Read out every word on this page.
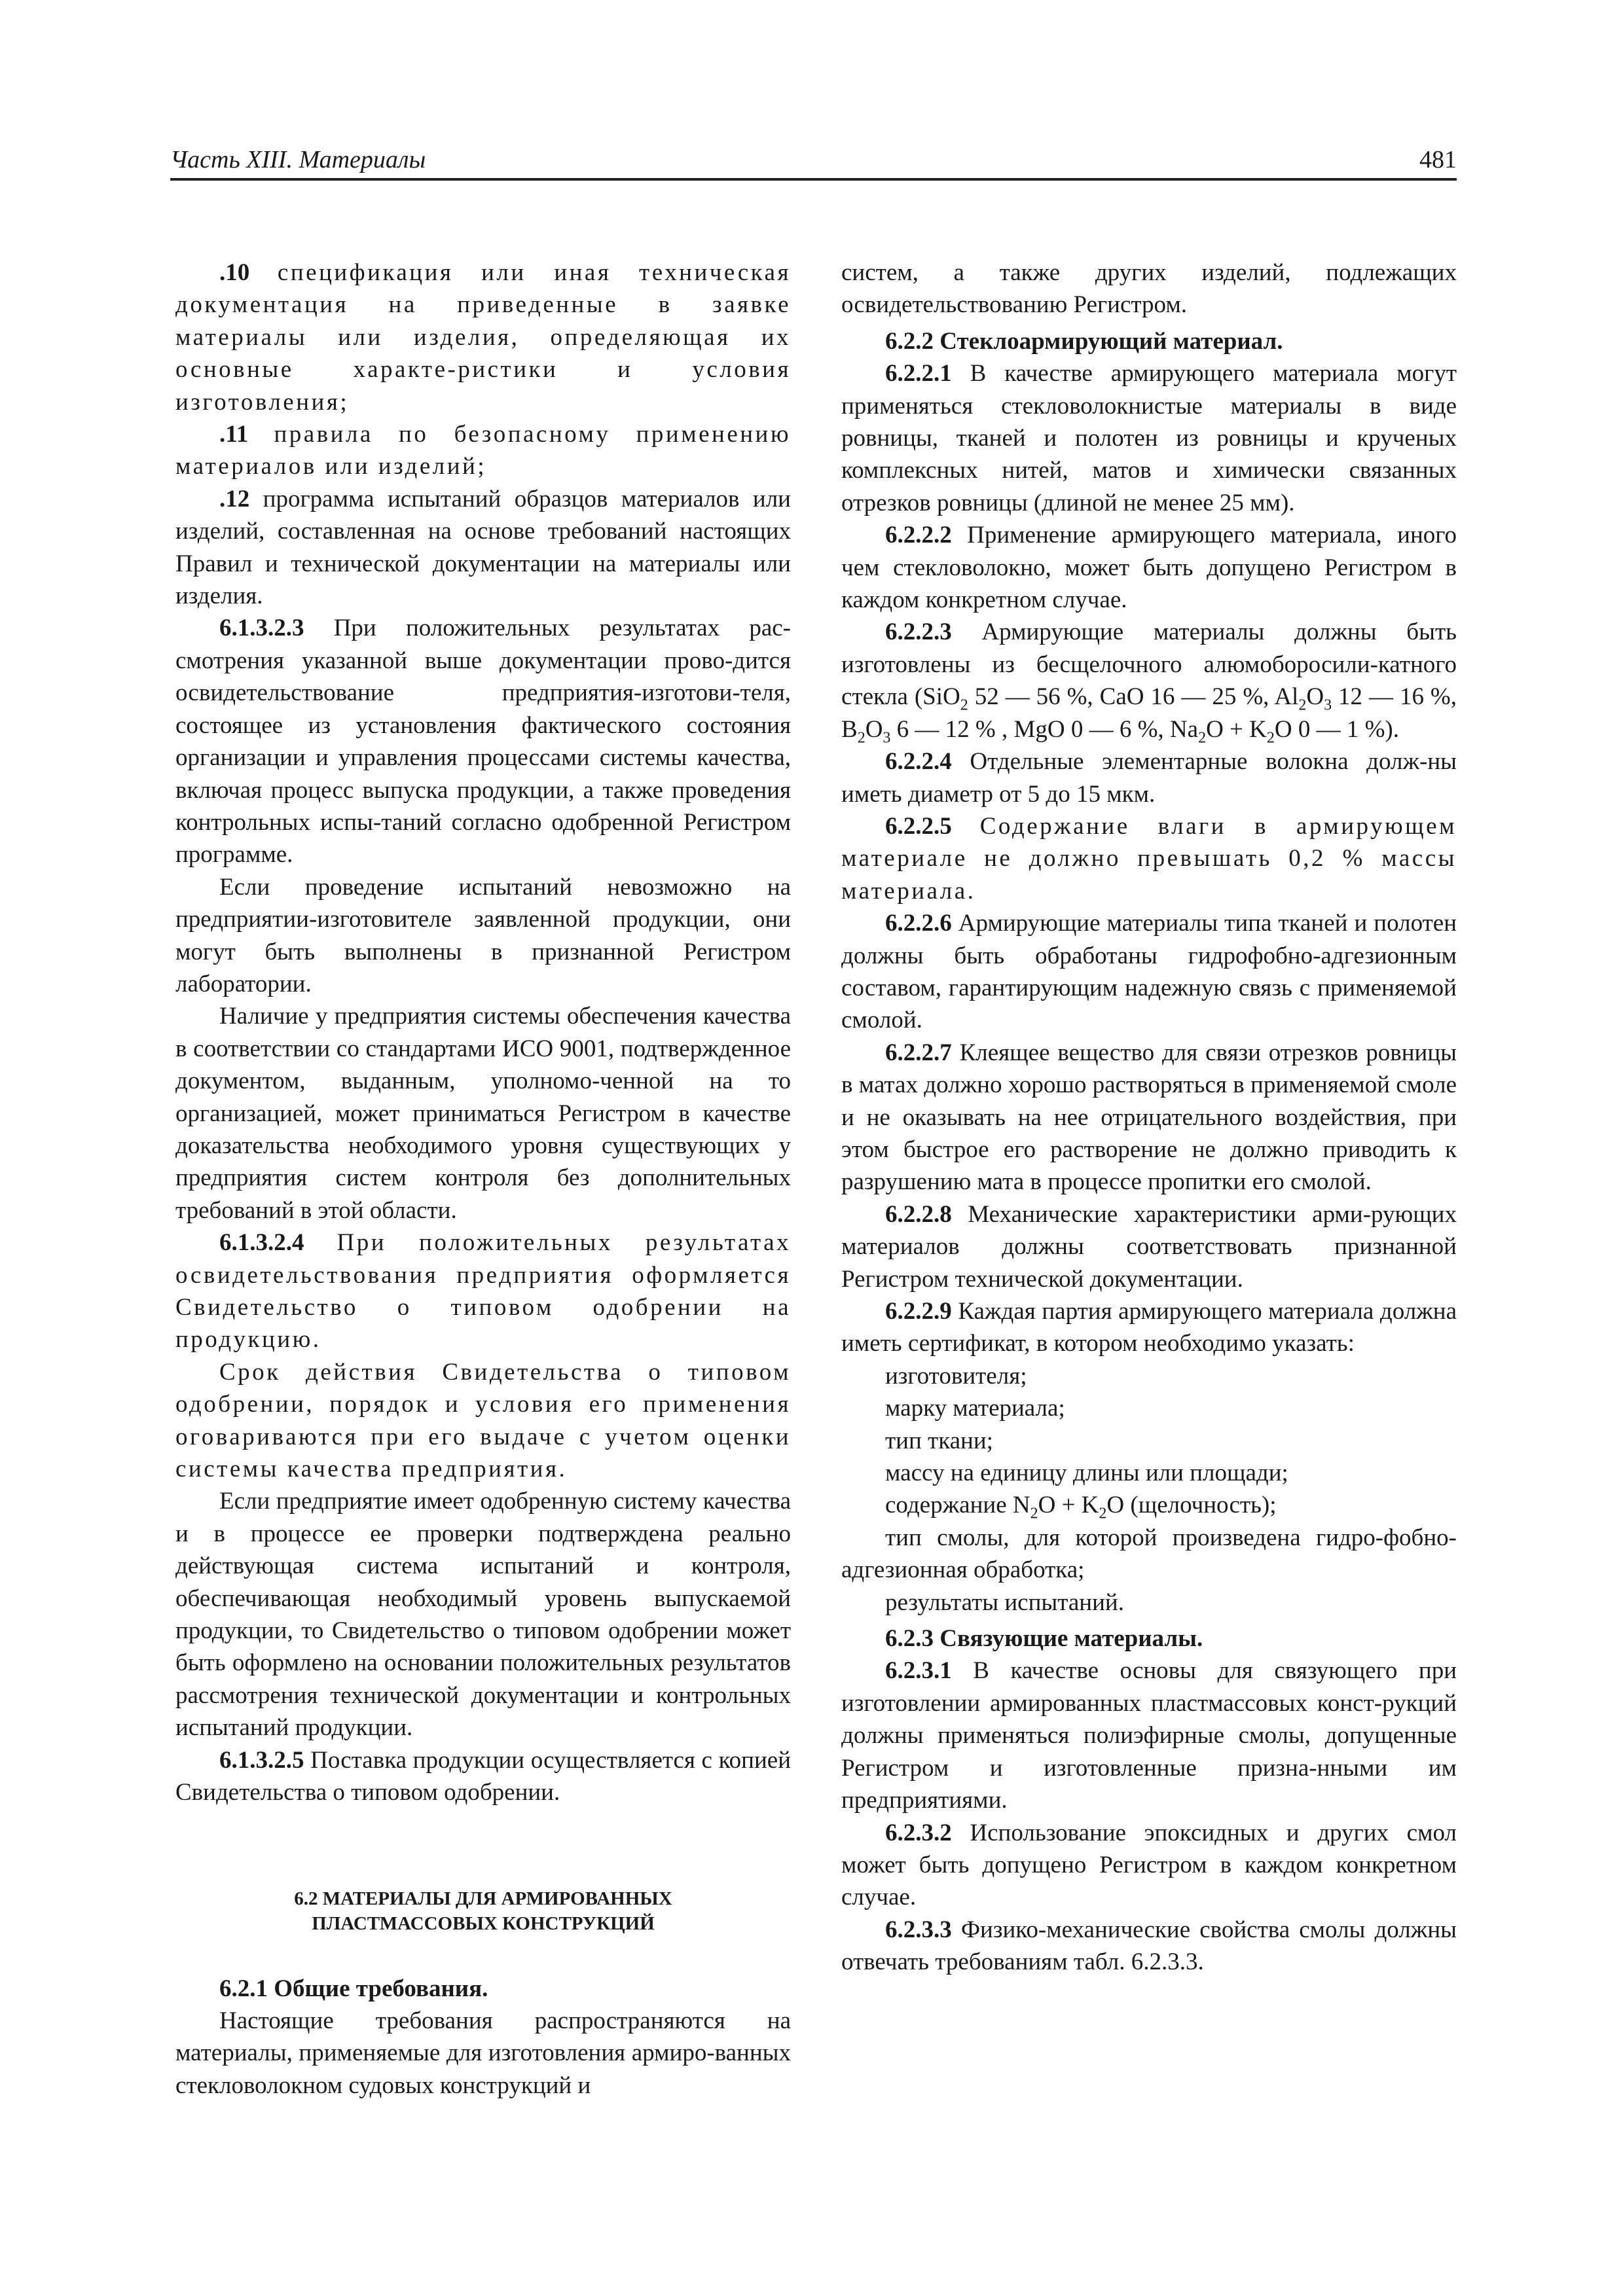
Часть XIII. Материалы	481

.10 спецификация или иная техническая документация на приведенные в заявке материалы или изделия, определяющая их основные характе-ристики и условия изготовления;

.11 правила по безопасному применению материалов или изделий;

.12 программа испытаний образцов материалов или изделий, составленная на основе требований настоящих Правил и технической документации на материалы или изделия.

6.1.3.2.3 При положительных результатах рас-смотрения указанной выше документации прово-дится освидетельствование предприятия-изготови-теля, состоящее из установления фактического состояния организации и управления процессами системы качества, включая процесс выпуска продукции, а также проведения контрольных испы-таний согласно одобренной Регистром программе.

Если проведение испытаний невозможно на предприятии-изготовителе заявленной продукции, они могут быть выполнены в признанной Регистром лаборатории.

Наличие у предприятия системы обеспечения качества в соответствии со стандартами ИСО 9001, подтвержденное документом, выданным, уполномо-ченной на то организацией, может приниматься Регистром в качестве доказательства необходимого уровня существующих у предприятия систем контроля без дополнительных требований в этой области.

6.1.3.2.4 При положительных результатах освидетельствования предприятия оформляется Свидетельство о типовом одобрении на продукцию.

Срок действия Свидетельства о типовом одобрении, порядок и условия его применения оговариваются при его выдаче с учетом оценки системы качества предприятия.

Если предприятие имеет одобренную систему качества и в процессе ее проверки подтверждена реально действующая система испытаний и контроля, обеспечивающая необходимый уровень выпускаемой продукции, то Свидетельство о типовом одобрении может быть оформлено на основании положительных результатов рассмотрения технической документации и контрольных испытаний продукции.

6.1.3.2.5 Поставка продукции осуществляется с копией Свидетельства о типовом одобрении.

6.2 МАТЕРИАЛЫ ДЛЯ АРМИРОВАННЫХ
ПЛАСТМАССОВЫХ КОНСТРУКЦИЙ

6.2.1 Общие требования.

Настоящие требования распространяются на материалы, применяемые для изготовления армиро-ванных стекловолокном судовых конструкций и

систем, а также других изделий, подлежащих освидетельствованию Регистром.

6.2.2 Стеклоармирующий материал.

6.2.2.1 В качестве армирующего материала могут применяться стекловолокнистые материалы в виде ровницы, тканей и полотен из ровницы и крученых комплексных нитей, матов и химически связанных отрезков ровницы (длиной не менее 25 мм).

6.2.2.2 Применение армирующего материала, иного чем стекловолокно, может быть допущено Регистром в каждом конкретном случае.

6.2.2.3 Армирующие материалы должны быть изготовлены из бесщелочного алюмоборосили-катного стекла (SiO$_2$ 52 — 56 %, CaO 16 — 25 %, $Al_2O_3$ 12 — 16 %, $B_2O_3$ 6 — 12 % , MgO 0 — 6 %, $Na_2O + K_2O$ 0 — 1 %).

6.2.2.4 Отдельные элементарные волокна долж-ны иметь диаметр от 5 до 15 мкм.

6.2.2.5 Содержание влаги в армирующем материале не должно превышать 0,2 % массы материала.

6.2.2.6 Армирующие материалы типа тканей и полотен должны быть обработаны гидрофобно-адгезионным составом, гарантирующим надежную связь с применяемой смолой.

6.2.2.7 Клеящее вещество для связи отрезков ровницы в матах должно хорошо растворяться в применяемой смоле и не оказывать на нее отрицательного воздействия, при этом быстрое его растворение не должно приводить к разрушению мата в процессе пропитки его смолой.

6.2.2.8 Механические характеристики арми-рующих материалов должны соответствовать признанной Регистром технической документации.

6.2.2.9 Каждая партия армирующего материала должна иметь сертификат, в котором необходимо указать:

изготовителя;

марку материала;

тип ткани;

массу на единицу длины или площади;

содержание $N_2O + K_2O$ (щелочность);

тип смолы, для которой произведена гидро-фобно-адгезионная обработка;

результаты испытаний.

6.2.3 Связующие материалы.

6.2.3.1 В качестве основы для связующего при изготовлении армированных пластмассовых конст-рукций должны применяться полиэфирные смолы, допущенные Регистром и изготовленные призна-нными им предприятиями.

6.2.3.2 Использование эпоксидных и других смол может быть допущено Регистром в каждом конкретном случае.

6.2.3.3 Физико-механические свойства смолы должны отвечать требованиям табл. 6.2.3.3.
